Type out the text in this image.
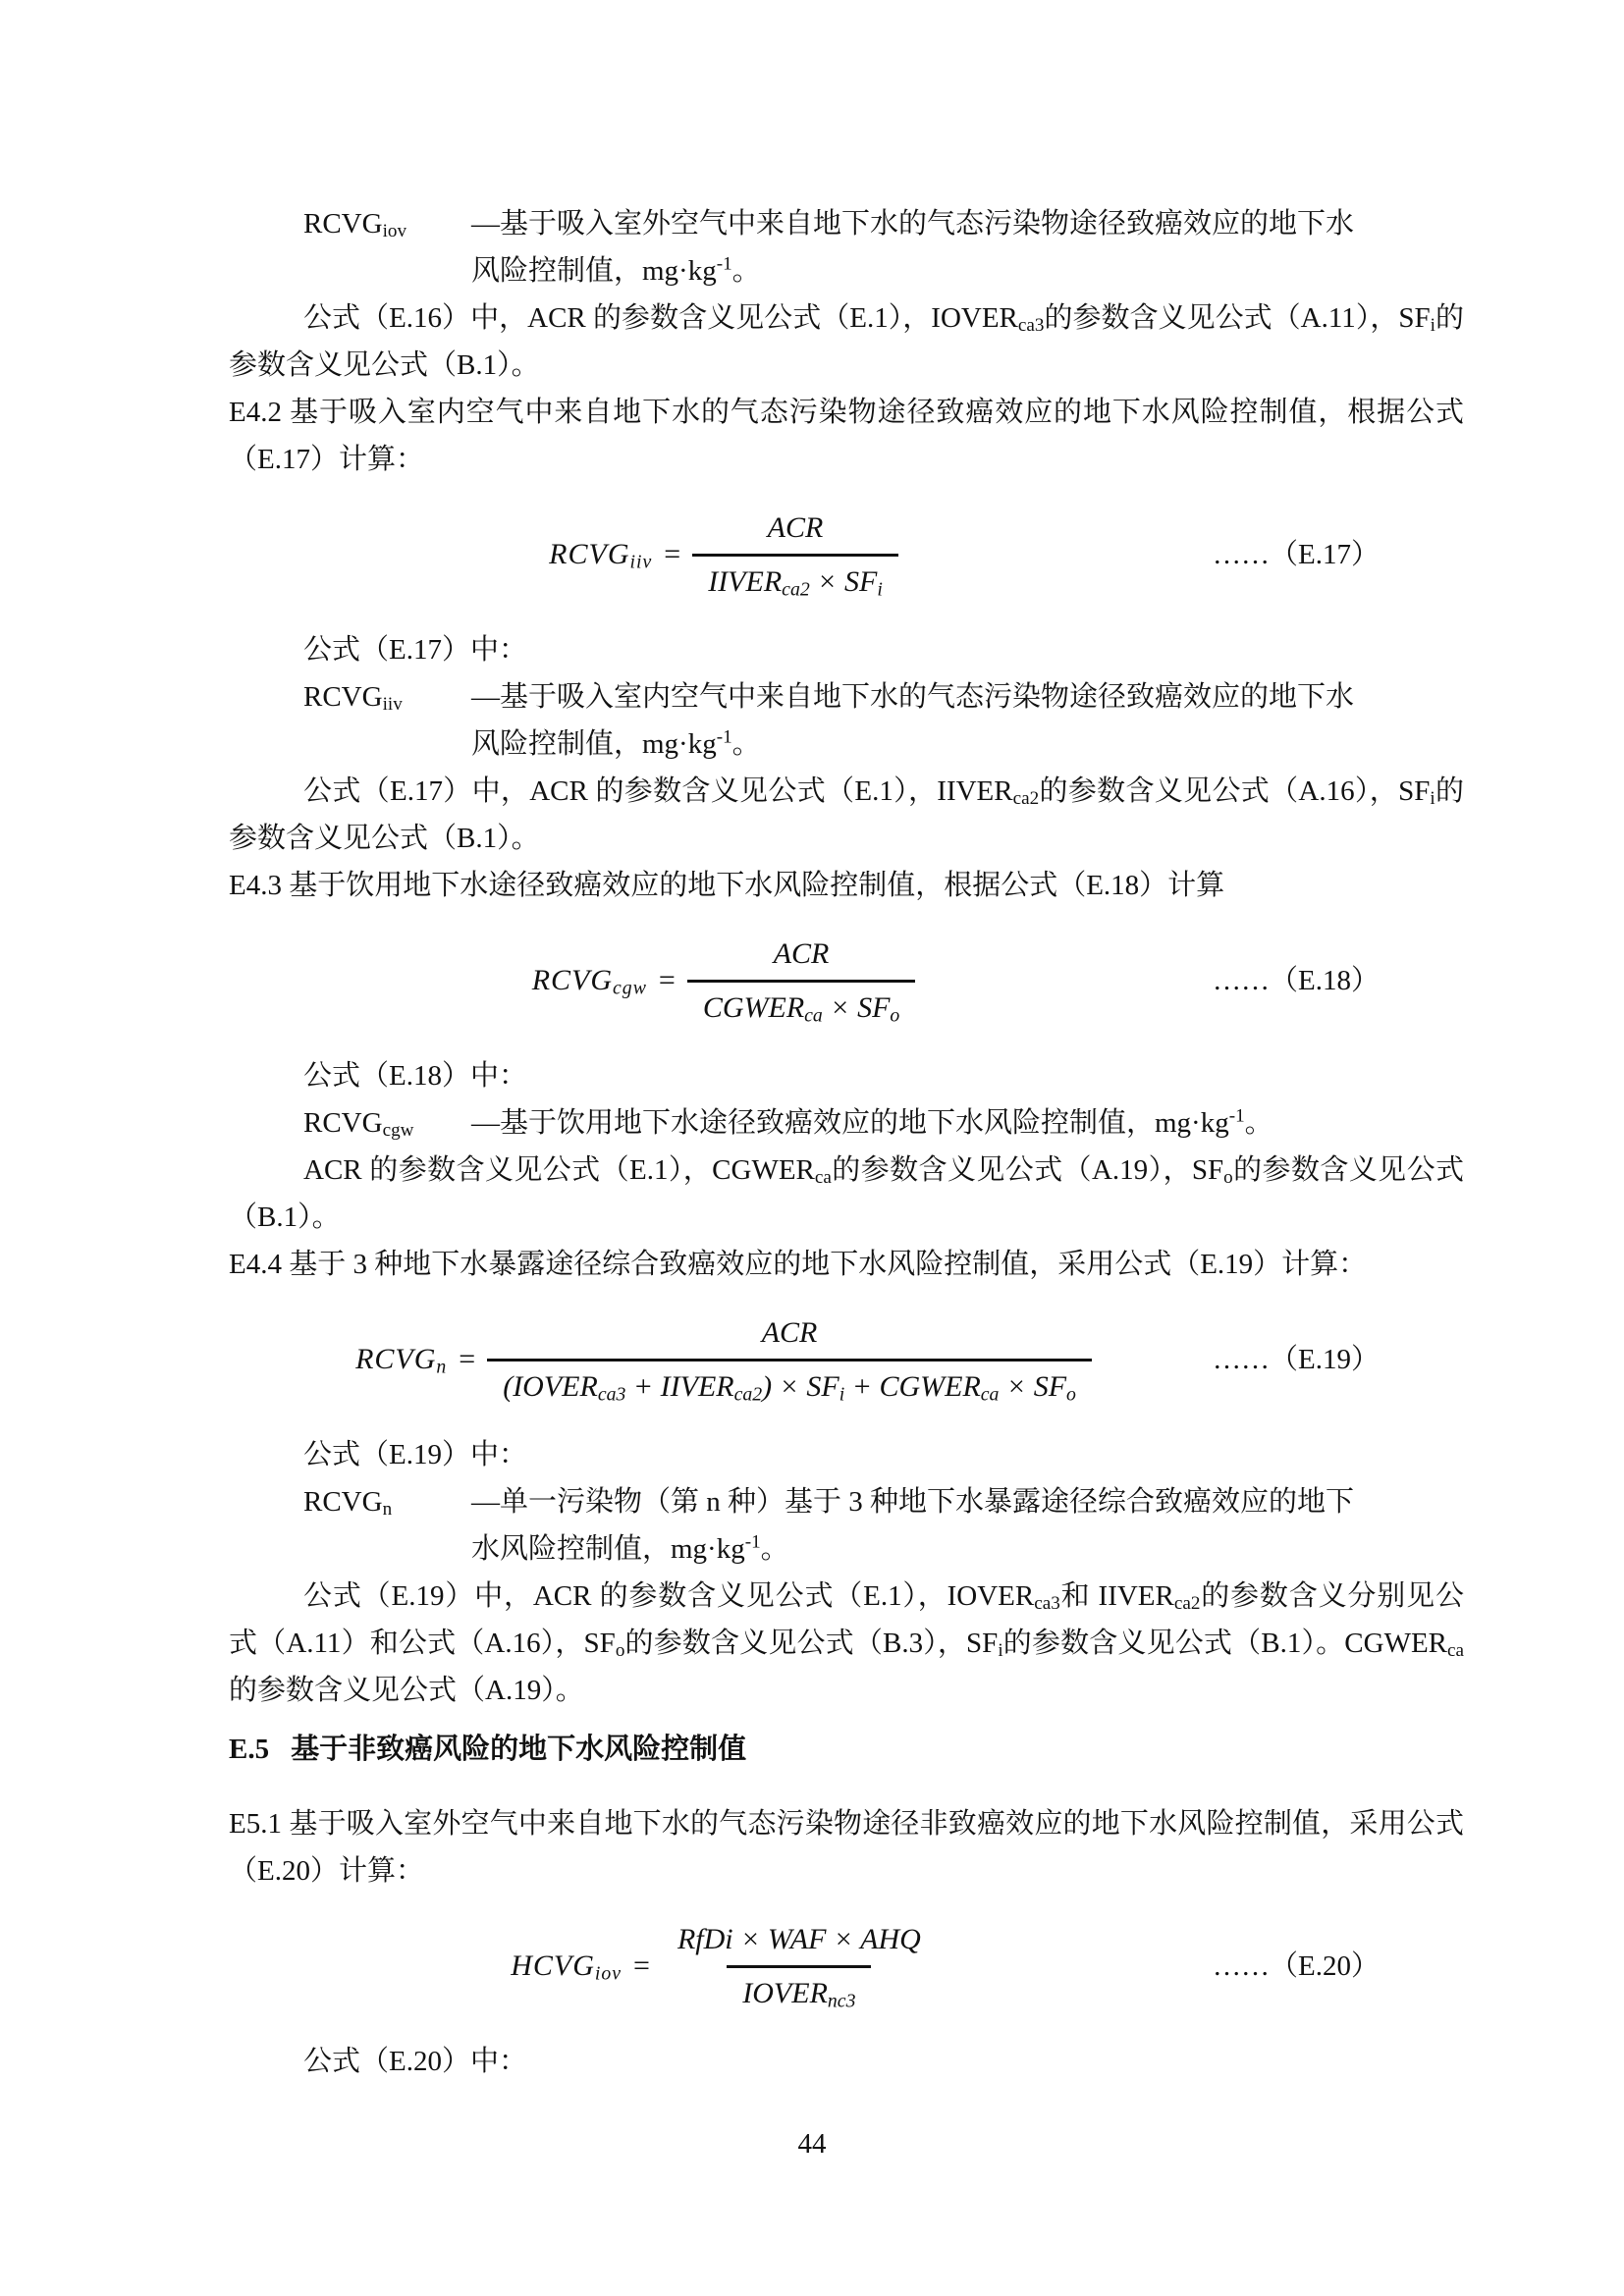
$RCVG_{iov}$	—基于吸入室外空气中来自地下水的气态污染物途径致癌效应的地下水
风险控制值，$mg\cdot kg^{-1}$。

公式（E.16）中，ACR 的参数含义见公式（E.1），$IOVER_{ca3}$的参数含义见公式（A.11），$SF_i$的参数含义见公式（B.1）。

E4.2 基于吸入室内空气中来自地下水的气态污染物途径致癌效应的地下水风险控制值，根据公式（E.17）计算：

$RCVG_{iiv} = \frac{\text{ACR}}{IIVER_{ca2} \times SF_i}$	……（E.17）

公式（E.17）中：

$RCVG_{iiv}$	—基于吸入室内空气中来自地下水的气态污染物途径致癌效应的地下水
风险控制值，$mg\cdot kg^{-1}$。

公式（E.17）中，ACR 的参数含义见公式（E.1），$IIVER_{ca2}$的参数含义见公式（A.16），$SF_i$的参数含义见公式（B.1）。

E4.3 基于饮用地下水途径致癌效应的地下水风险控制值，根据公式（E.18）计算

$RCVG_{cgw} = \frac{\text{ACR}}{CGWER_{ca} \times SF_o}$	……（E.18）

公式（E.18）中：

$RCVG_{cgw}$	—基于饮用地下水途径致癌效应的地下水风险控制值，$mg\cdot kg^{-1}$。

ACR 的参数含义见公式（E.1），$CGWER_{ca}$的参数含义见公式（A.19），$SF_o$的参数含义见公式（B.1）。

E4.4 基于 3 种地下水暴露途径综合致癌效应的地下水风险控制值，采用公式（E.19）计算：

$RCVG_n = \frac{\text{ACR}}{(IOVER_{ca3} + IIVER_{ca2}) \times SF_i + CGWER_{ca} \times SF_o}$	……（E.19）

公式（E.19）中：

$RCVG_n$	—单一污染物（第 n 种）基于 3 种地下水暴露途径综合致癌效应的地下
水风险控制值，$mg\cdot kg^{-1}$。

公式（E.19）中，ACR 的参数含义见公式（E.1），$IOVER_{ca3}$和 $IIVER_{ca2}$的参数含义分别见公式（A.11）和公式（A.16），$SF_o$的参数含义见公式（B.3），$SF_i$的参数含义见公式（B.1）。$CGWER_{ca}$的参数含义见公式（A.19）。

E.5 基于非致癌风险的地下水风险控制值

E5.1 基于吸入室外空气中来自地下水的气态污染物途径非致癌效应的地下水风险控制值，采用公式（E.20）计算：

$HCVG_{iov} = \frac{\text{RfDi × WAF × AHQ}}{IOVER_{nc3}}$	……（E.20）

公式（E.20）中：

44
